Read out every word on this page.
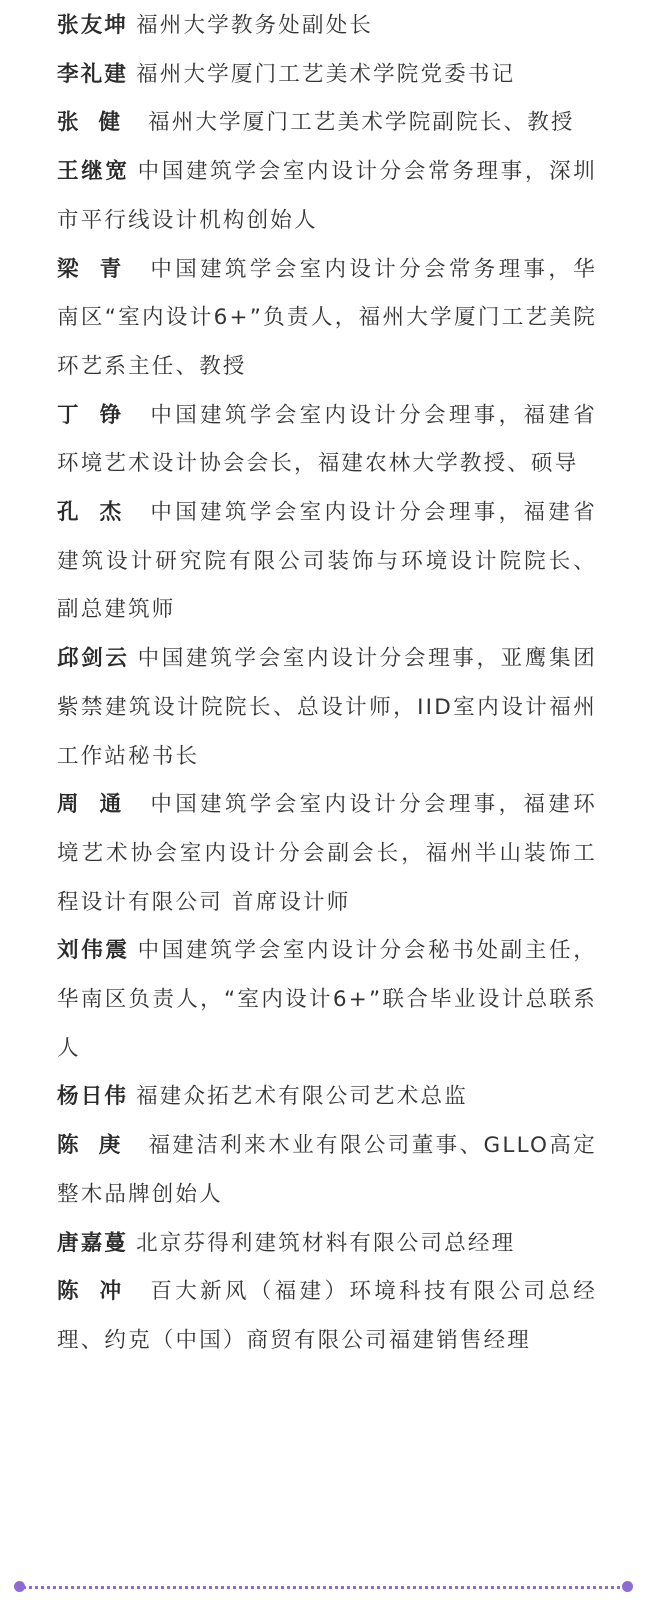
张友坤 福州大学教务处副处长

李礼建 福州大学厦门工艺美术学院党委书记

张健 福州大学厦门工艺美术学院副院长、教授

王继宽 中国建筑学会室内设计分会常务理事，深圳市平行线设计机构创始人

梁青 中国建筑学会室内设计分会常务理事，华南区“室内设计6+”负责人，福州大学厦门工艺美院环艺系主任、教授

丁铮 中国建筑学会室内设计分会理事，福建省环境艺术设计协会会长，福建农林大学教授、硕导

孔杰 中国建筑学会室内设计分会理事，福建省建筑设计研究院有限公司装饰与环境设计院院长、副总建筑师

邱剑云 中国建筑学会室内设计分会理事，亚鹰集团紫禁建筑设计院院长、总设计师，IID室内设计福州工作站秘书长

周通 中国建筑学会室内设计分会理事，福建环境艺术协会室内设计分会副会长，福州半山装饰工程设计有限公司 首席设计师

刘伟震 中国建筑学会室内设计分会秘书处副主任，华南区负责人，“室内设计6+”联合毕业设计总联系人

杨日伟 福建众拓艺术有限公司艺术总监

陈庚 福建洁利来木业有限公司董事、GLLO高定整木品牌创始人

唐嘉蔓 北京芬得利建筑材料有限公司总经理

陈冲 百大新风（福建）环境科技有限公司总经理、约克（中国）商贸有限公司福建销售经理
